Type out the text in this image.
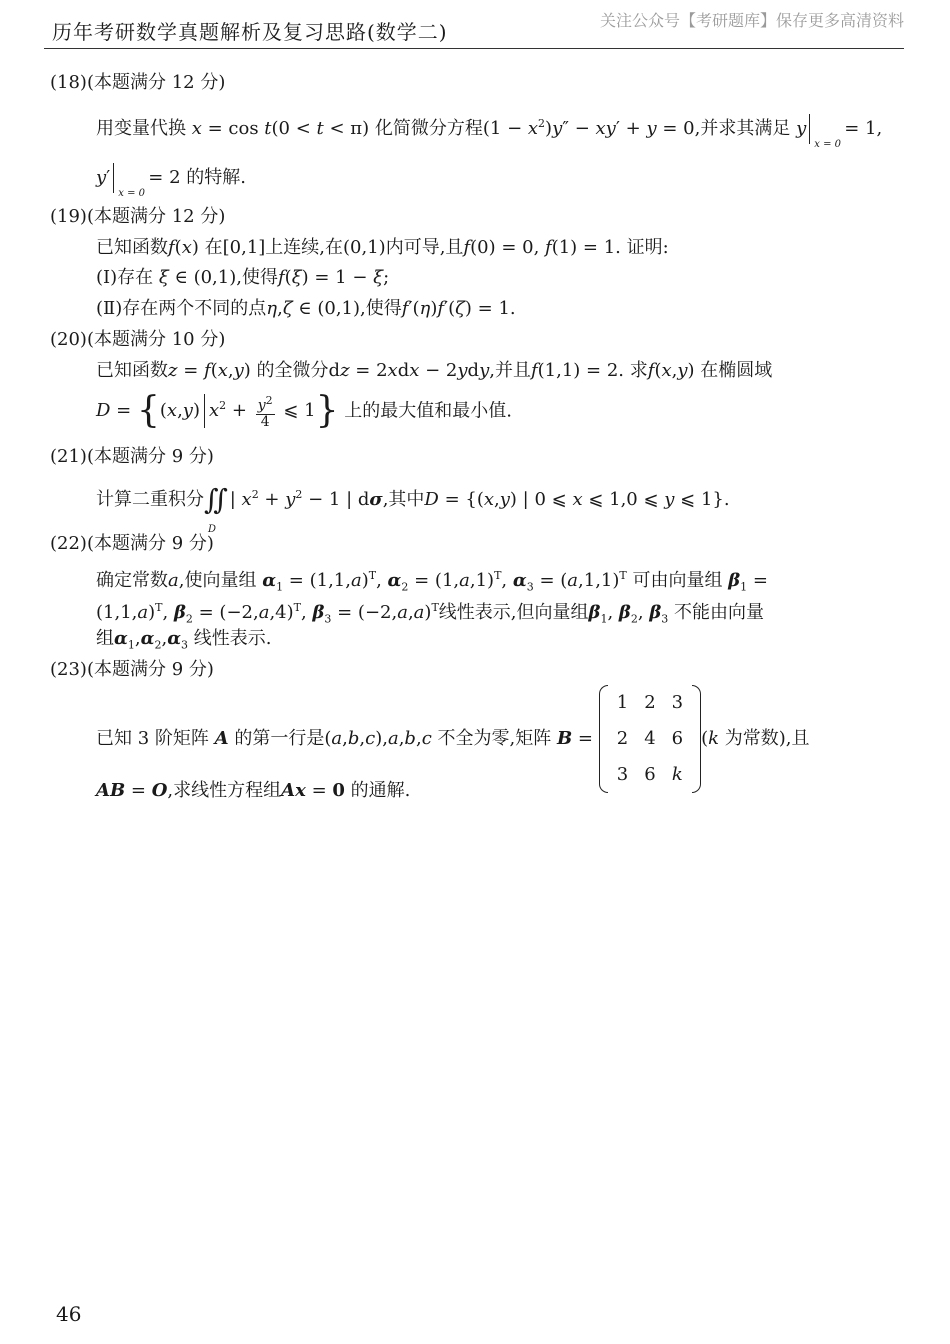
历年考研数学真题解析及复习思路(数学二)	关注公众号【考研题库】保存更多高清资料
(18)(本题满分 12 分)
用变量代换 x = cos t(0 < t < π) 化简微分方程$(1 - x^2)y'' - xy' + y = 0$,并求其满足 y
x = 0
= 1,
y′
x = 0
= 2 的特解.
(19)(本题满分 12 分)
已知函数f(x) 在[0,1]上连续,在(0,1)内可导,且f(0) = 0, f(1) = 1. 证明:
(Ⅰ)存在 ξ ∈ (0,1),使得f(ξ) = 1 − ξ;
(Ⅱ)存在两个不同的点η,ζ ∈ (0,1),使得f′(η)f′(ζ) = 1.
(20)(本题满分 10 分)
已知函数z = f(x,y) 的全微分dz = 2xdx − 2ydy,并且f(1,1) = 2. 求f(x,y) 在椭圆域
D = {(x,y) $x^2 + \frac{y^2}{4}$ ⩽ 1} 上的最大值和最小值.
(21)(本题满分 9 分)
计算二重积分∬
D
| $x^2 + y^2 - 1$ | dσ,其中D = {(x,y) | 0 ⩽ x ⩽ 1,0 ⩽ y ⩽ 1}.
(22)(本题满分 9 分)
确定常数a,使向量组 $\alpha_1 = (1,1,a)^T$, $\alpha_2 = (1,a,1)^T$, $\alpha_3 = (a,1,1)^T$ 可由向量组 $\beta_1$ =
$(1,1,a)^T$, $\beta_2 = (-2,a,4)^T$, $\beta_3 = (-2,a,a)^T$线性表示,但向量组$\beta_1$, $\beta_2$, $\beta_3$ 不能由向量
组$\alpha_1,\alpha_2,\alpha_3$ 线性表示.
(23)(本题满分 9 分)
已知 3 阶矩阵 A 的第一行是(a,b,c),a,b,c 不全为零,矩阵 B =
1	2	3
2	4	6
3	6	k
(k 为常数),且
AB = O,求线性方程组Ax = 0 的通解.
46
